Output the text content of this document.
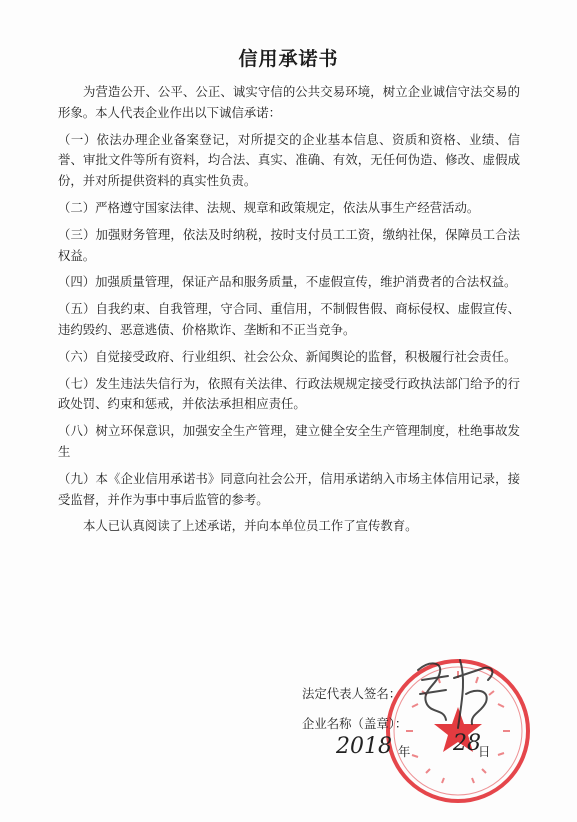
信用承诺书

为营造公开、公平、公正、诚实守信的公共交易环境，树立企业诚信守法交易的形象。本人代表企业作出以下诚信承诺：

（一）依法办理企业备案登记，对所提交的企业基本信息、资质和资格、业绩、信誉、审批文件等所有资料，均合法、真实、准确、有效，无任何伪造、修改、虚假成份，并对所提供资料的真实性负责。

（二）严格遵守国家法律、法规、规章和政策规定，依法从事生产经营活动。

（三）加强财务管理，依法及时纳税，按时支付员工工资，缴纳社保，保障员工合法权益。

（四）加强质量管理，保证产品和服务质量，不虚假宣传，维护消费者的合法权益。

（五）自我约束、自我管理，守合同、重信用，不制假售假、商标侵权、虚假宣传、违约毁约、恶意逃债、价格欺诈、垄断和不正当竞争。

（六）自觉接受政府、行业组织、社会公众、新闻舆论的监督，积极履行社会责任。

（七）发生违法失信行为，依照有关法律、行政法规规定接受行政执法部门给予的行政处罚、约束和惩戒，并依法承担相应责任。

（八）树立环保意识，加强安全生产管理，建立健全安全生产管理制度，杜绝事故发生

（九）本《企业信用承诺书》同意向社会公开，信用承诺纳入市场主体信用记录，接受监督，并作为事中事后监管的参考。

本人已认真阅读了上述承诺，并向本单位员工作了宣传教育。

法定代表人签名：
企业名称（盖章）：
2018 年 28
日
